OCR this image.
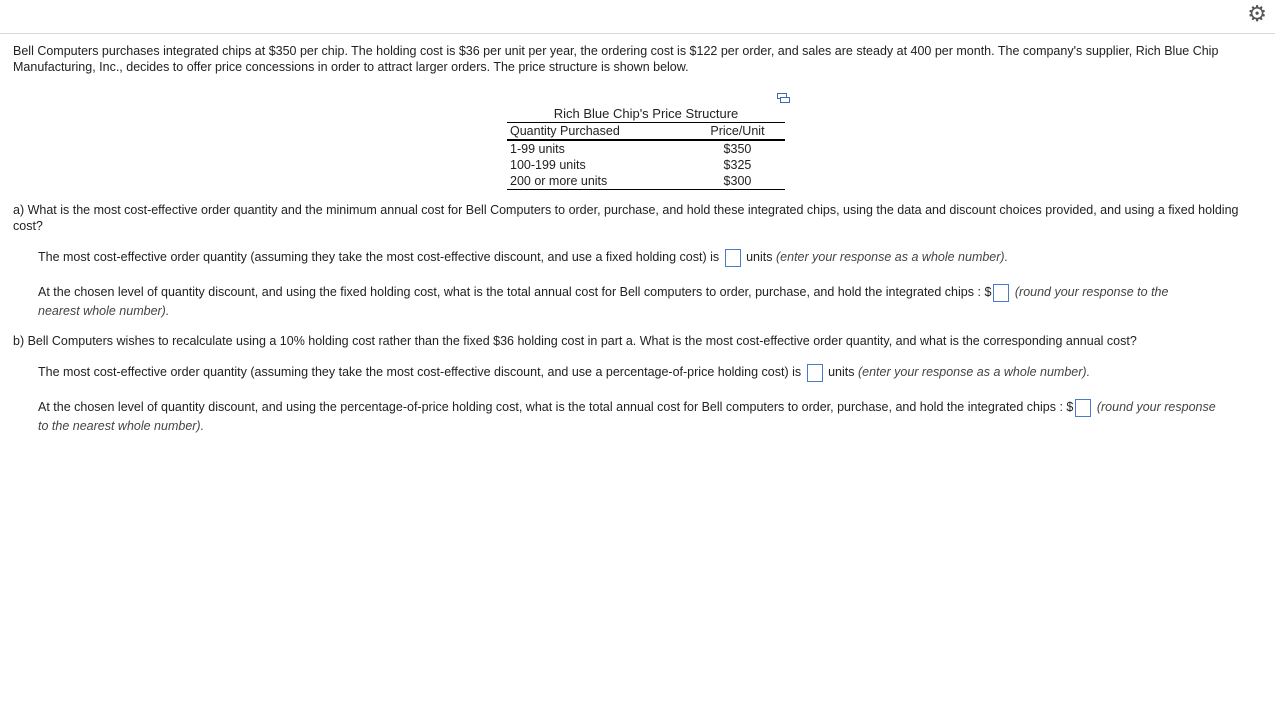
⚙
Bell Computers purchases integrated chips at $350 per chip. The holding cost is $36 per unit per year, the ordering cost is $122 per order, and sales are steady at 400 per month. The company's supplier, Rich Blue Chip Manufacturing, Inc., decides to offer price concessions in order to attract larger orders. The price structure is shown below.
Rich Blue Chip's Price Structure
Quantity Purchased	Price/Unit
1-99 units	$350
100-199 units	$325
200 or more units	$300
a) What is the most cost-effective order quantity and the minimum annual cost for Bell Computers to order, purchase, and hold these integrated chips, using the data and discount choices provided, and using a fixed holding cost?
The most cost-effective order quantity (assuming they take the most cost-effective discount, and use a fixed holding cost) is units (enter your response as a whole number).
At the chosen level of quantity discount, and using the fixed holding cost, what is the total annual cost for Bell computers to order, purchase, and hold the integrated chips : $ (round your response to the
nearest whole number).
b) Bell Computers wishes to recalculate using a 10% holding cost rather than the fixed $36 holding cost in part a. What is the most cost-effective order quantity, and what is the corresponding annual cost?
The most cost-effective order quantity (assuming they take the most cost-effective discount, and use a percentage-of-price holding cost) is units (enter your response as a whole number).
At the chosen level of quantity discount, and using the percentage-of-price holding cost, what is the total annual cost for Bell computers to order, purchase, and hold the integrated chips : $ (round your response
to the nearest whole number).
